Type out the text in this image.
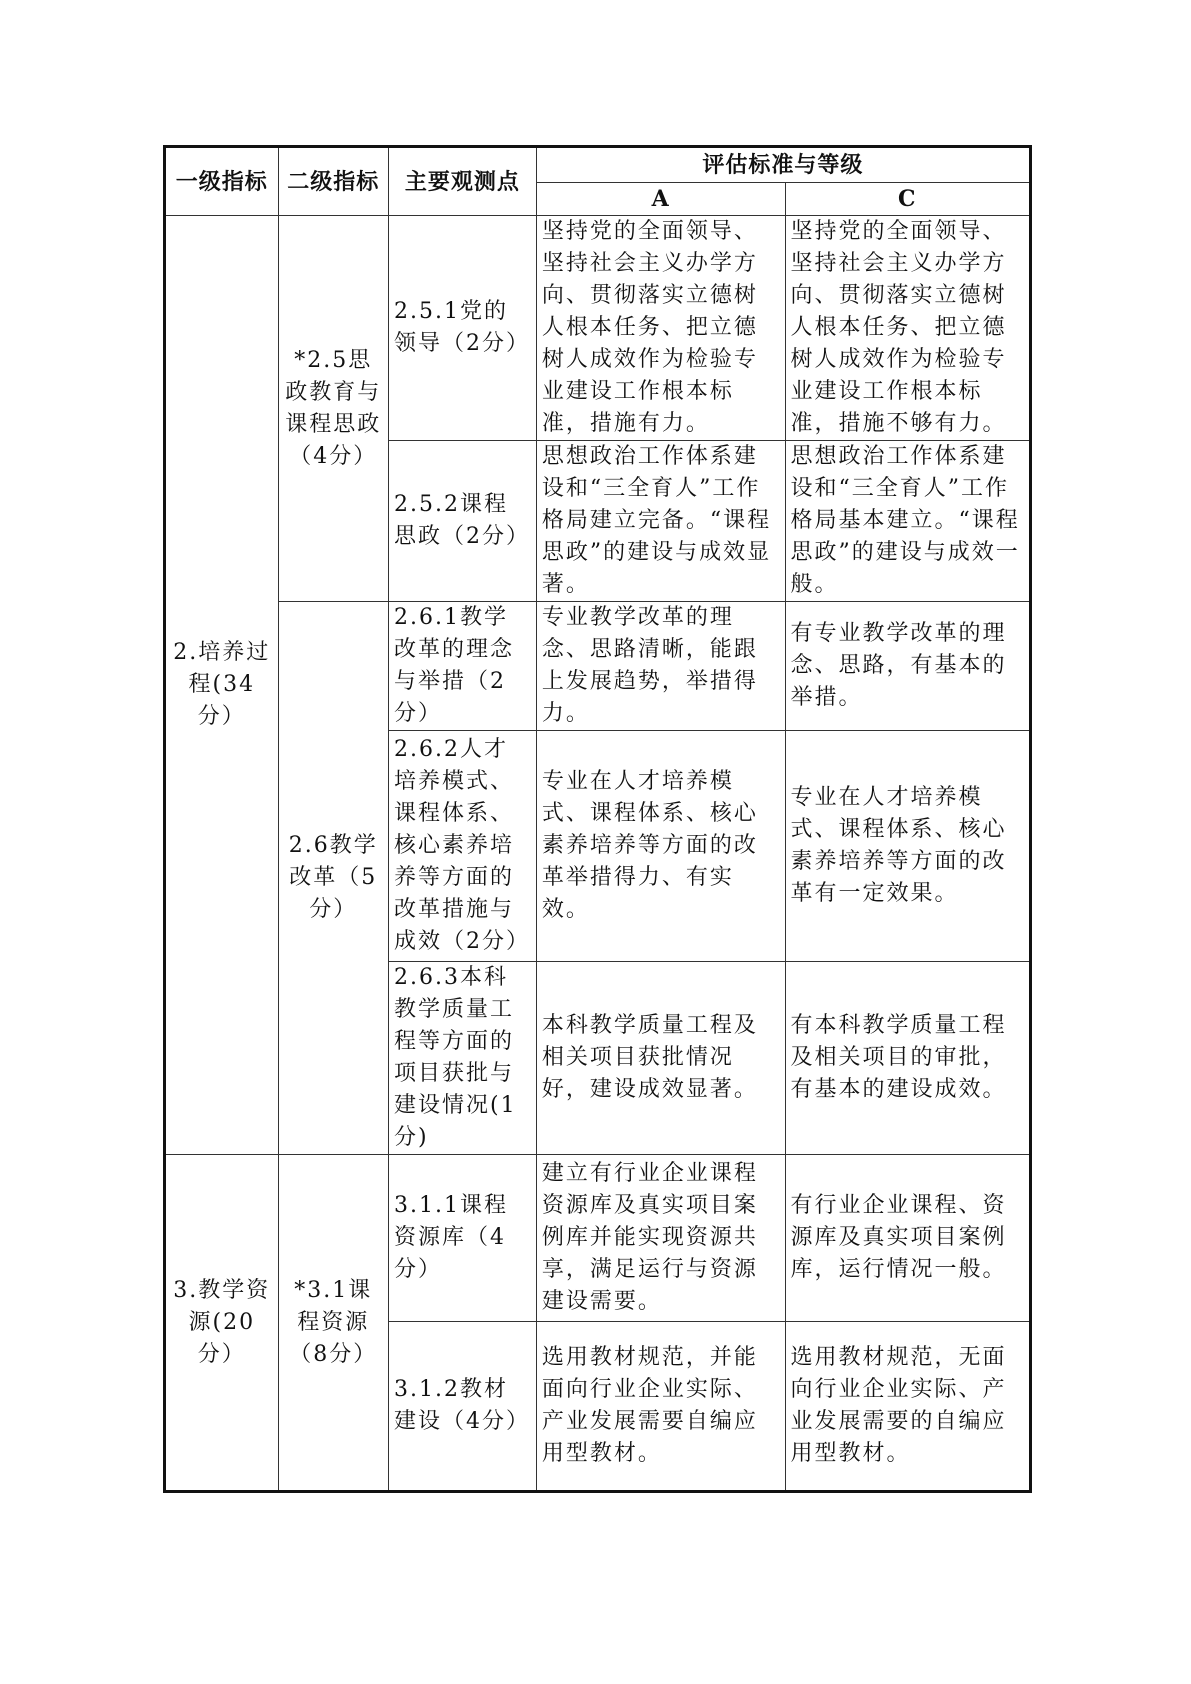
一级指标	二级指标	主要观测点	评估标准与等级	
			A	C
2.培养过程(34分）	*2.5思政教育与课程思政（4分）	2.5.1党的领导（2分）	坚持党的全面领导、坚持社会主义办学方向、贯彻落实立德树人根本任务、把立德树人成效作为检验专业建设工作根本标准，措施有力。	坚持党的全面领导、坚持社会主义办学方向、贯彻落实立德树人根本任务、把立德树人成效作为检验专业建设工作根本标准，措施不够有力。
		2.5.2课程思政（2分）	思想政治工作体系建设和“三全育人”工作格局建立完备。“课程思政”的建设与成效显著。	思想政治工作体系建设和“三全育人”工作格局基本建立。“课程思政”的建设与成效一般。
	2.6教学改革（5分）	2.6.1教学改革的理念与举措（2分）	专业教学改革的理念、思路清晰，能跟上发展趋势，举措得力。	有专业教学改革的理念、思路，有基本的举措。
		2.6.2人才培养模式、课程体系、核心素养培养等方面的改革措施与成效（2分）	专业在人才培养模式、课程体系、核心素养培养等方面的改革举措得力、有实效。	专业在人才培养模式、课程体系、核心素养培养等方面的改革有一定效果。
		2.6.3本科教学质量工程等方面的项目获批与建设情况(1分)	本科教学质量工程及相关项目获批情况好，建设成效显著。	有本科教学质量工程及相关项目的审批，有基本的建设成效。
3.教学资源(20分）	*3.1课程资源（8分）	3.1.1课程资源库（4分）	建立有行业企业课程资源库及真实项目案例库并能实现资源共享，满足运行与资源建设需要。	有行业企业课程、资源库及真实项目案例库，运行情况一般。
		3.1.2教材建设（4分）	选用教材规范，并能面向行业企业实际、产业发展需要自编应用型教材。	选用教材规范，无面向行业企业实际、产业发展需要的自编应用型教材。
